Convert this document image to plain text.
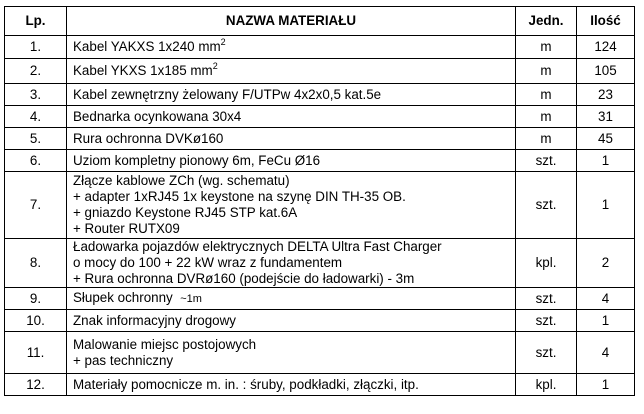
Lp.	NAZWA MATERIAŁU	Jedn.	Ilość
1.	Kabel YAKXS 1x240 $mm^2$	m	124
2.	Kabel YKXS 1x185 $mm^2$	m	105
3.	Kabel zewnętrzny żelowany F/UTPw 4x2x0,5 kat.5e	m	23
4.	Bednarka ocynkowana 30x4	m	31
5.	Rura ochronna DVKø160	m	45
6.	Uziom kompletny pionowy 6m, FeCu Ø16	szt.	1
7.	Złącze kablowe ZCh (wg. schematu)
+ adapter 1xRJ45 1x keystone na szynę DIN TH-35 OB.
+ gniazdo Keystone RJ45 STP kat.6A
+ Router RUTX09	szt.	1
8.	Ładowarka pojazdów elektrycznych DELTA Ultra Fast Charger
o mocy do 100 + 22 kW wraz z fundamentem
+ Rura ochronna DVRø160 (podejście do ładowarki) - 3m	kpl.	2
9.	Słupek ochronny ~1m	szt.	4
10.	Znak informacyjny drogowy	szt.	1
11.	Malowanie miejsc postojowych
+ pas techniczny	szt.	4
12.	Materiały pomocnicze m. in. : śruby, podkładki, złączki, itp.	kpl.	1
